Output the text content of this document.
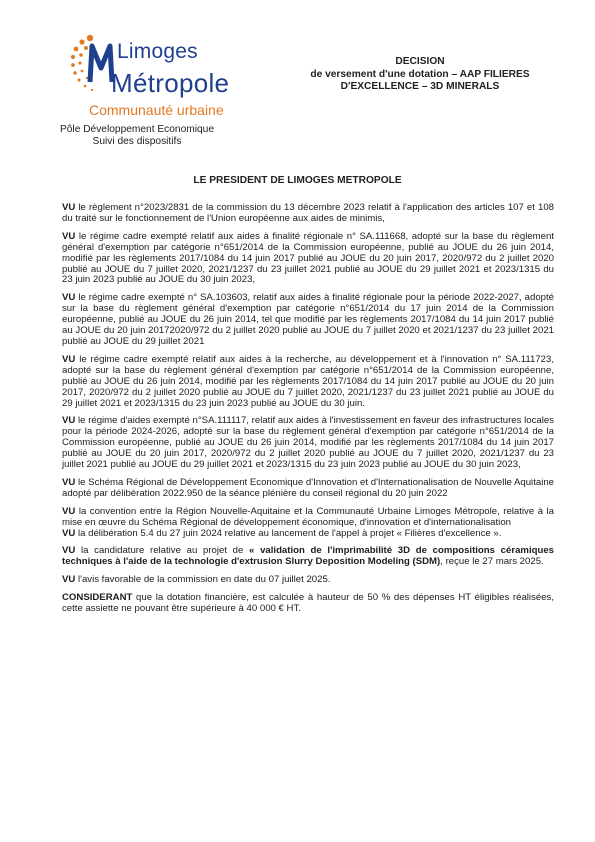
Limoges
Métropole
Communauté urbaine
Pôle Développement Economique
Suivi des dispositifs
DECISION
de versement d'une dotation – AAP FILIERES
D'EXCELLENCE – 3D MINERALS
LE PRESIDENT DE LIMOGES METROPOLE

VU le règlement n°2023/2831 de la commission du 13 décembre 2023 relatif à l'application des articles 107 et 108 du traité sur le fonctionnement de l'Union européenne aux aides de minimis,

VU le régime cadre exempté relatif aux aides à finalité régionale n° SA.111668, adopté sur la base du règlement général d'exemption par catégorie n°651/2014 de la Commission européenne, publié au JOUE du 26 juin 2014, modifié par les règlements 2017/1084 du 14 juin 2017 publié au JOUE du 20 juin 2017, 2020/972 du 2 juillet 2020 publié au JOUE du 7 juillet 2020, 2021/1237 du 23 juillet 2021 publié au JOUE du 29 juillet 2021 et 2023/1315 du 23 juin 2023 publié au JOUE du 30 juin 2023,

VU le régime cadre exempté n° SA.103603, relatif aux aides à finalité régionale pour la période 2022-2027, adopté sur la base du règlement général d'exemption par catégorie n°651/2014 du 17 juin 2014 de la Commission européenne, publié au JOUE du 26 juin 2014, tel que modifié par les règlements 2017/1084 du 14 juin 2017 publié au JOUE du 20 juin 20172020/972 du 2 juillet 2020 publié au JOUE du 7 juillet 2020 et 2021/1237 du 23 juillet 2021 publié au JOUE du 29 juillet 2021

VU le régime cadre exempté relatif aux aides à la recherche, au développement et à l'innovation n° SA.111723, adopté sur la base du règlement général d'exemption par catégorie n°651/2014 de la Commission européenne, publié au JOUE du 26 juin 2014, modifié par les règlements 2017/1084 du 14 juin 2017 publié au JOUE du 20 juin 2017, 2020/972 du 2 juillet 2020 publié au JOUE du 7 juillet 2020, 2021/1237 du 23 juillet 2021 publié au JOUE du 29 juillet 2021 et 2023/1315 du 23 juin 2023 publié au JOUE du 30 juin.

VU le régime d'aides exempté n°SA.111117, relatif aux aides à l'investissement en faveur des infrastructures locales pour la période 2024-2026, adopté sur la base du règlement général d'exemption par catégorie n°651/2014 de la Commission européenne, publié au JOUE du 26 juin 2014, modifié par les règlements 2017/1084 du 14 juin 2017 publié au JOUE du 20 juin 2017, 2020/972 du 2 juillet 2020 publié au JOUE du 7 juillet 2020, 2021/1237 du 23 juillet 2021 publié au JOUE du 29 juillet 2021 et 2023/1315 du 23 juin 2023 publié au JOUE du 30 juin 2023,

VU le Schéma Régional de Développement Economique d'Innovation et d'Internationalisation de Nouvelle Aquitaine adopté par délibération 2022.950 de la séance plénière du conseil régional du 20 juin 2022

VU la convention entre la Région Nouvelle-Aquitaine et la Communauté Urbaine Limoges Métropole, relative à la mise en œuvre du Schéma Régional de développement économique, d'innovation et d'internationalisation

VU la délibération 5.4 du 27 juin 2024 relative au lancement de l'appel à projet « Filières d'excellence ».

VU la candidature relative au projet de « validation de l'imprimabilité 3D de compositions céramiques techniques à l'aide de la technologie d'extrusion Slurry Deposition Modeling (SDM), reçue le 27 mars 2025.

VU l'avis favorable de la commission en date du 07 juillet 2025.

CONSIDERANT que la dotation financière, est calculée à hauteur de 50 % des dépenses HT éligibles réalisées, cette assiette ne pouvant être supérieure à 40 000 € HT.
